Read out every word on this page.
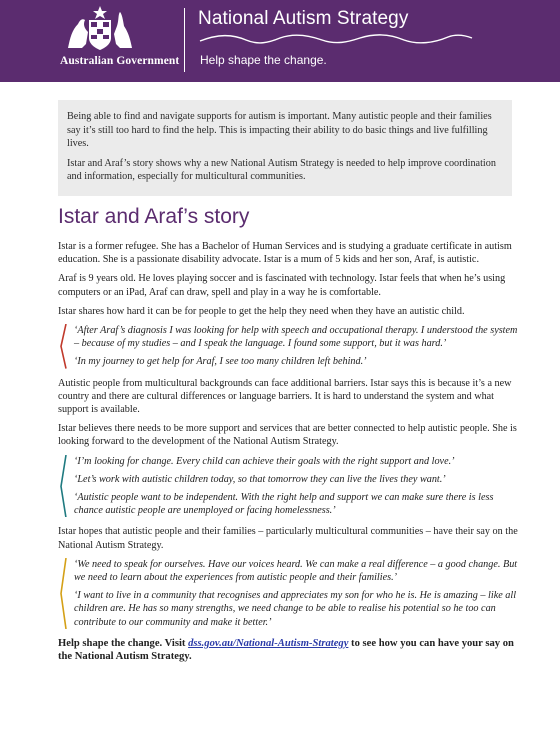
Australian Government
National Autism Strategy
Help shape the change.

Being able to find and navigate supports for autism is important. Many autistic people and their families say it’s still too hard to find the help. This is impacting their ability to do basic things and live fulfilling lives.

Istar and Araf’s story shows why a new National Autism Strategy is needed to help improve coordination and information, especially for multicultural communities.

Istar and Araf’s story

Istar is a former refugee. She has a Bachelor of Human Services and is studying a graduate certificate in autism education. She is a passionate disability advocate. Istar is a mum of 5 kids and her son, Araf, is autistic.

Araf is 9 years old. He loves playing soccer and is fascinated with technology. Istar feels that when he’s using computers or an iPad, Araf can draw, spell and play in a way he is comfortable.

Istar shares how hard it can be for people to get the help they need when they have an autistic child.

‘After Araf’s diagnosis I was looking for help with speech and occupational therapy. I understood the system – because of my studies – and I speak the language. I found some support, but it was hard.’

‘In my journey to get help for Araf, I see too many children left behind.’

Autistic people from multicultural backgrounds can face additional barriers. Istar says this is because it’s a new country and there are cultural differences or language barriers. It is hard to understand the system and what support is available.

Istar believes there needs to be more support and services that are better connected to help autistic people. She is looking forward to the development of the National Autism Strategy.

‘I’m looking for change. Every child can achieve their goals with the right support and love.’

‘Let’s work with autistic children today, so that tomorrow they can live the lives they want.’

‘Autistic people want to be independent. With the right help and support we can make sure there is less chance autistic people are unemployed or facing homelessness.’

Istar hopes that autistic people and their families – particularly multicultural communities – have their say on the National Autism Strategy.

‘We need to speak for ourselves. Have our voices heard. We can make a real difference – a good change. But we need to learn about the experiences from autistic people and their families.’

‘I want to live in a community that recognises and appreciates my son for who he is. He is amazing – like all children are. He has so many strengths, we need change to be able to realise his potential so he too can contribute to our community and make it better.’

Help shape the change. Visit dss.gov.au/National-Autism-Strategy to see how you can have your say on the National Autism Strategy.
